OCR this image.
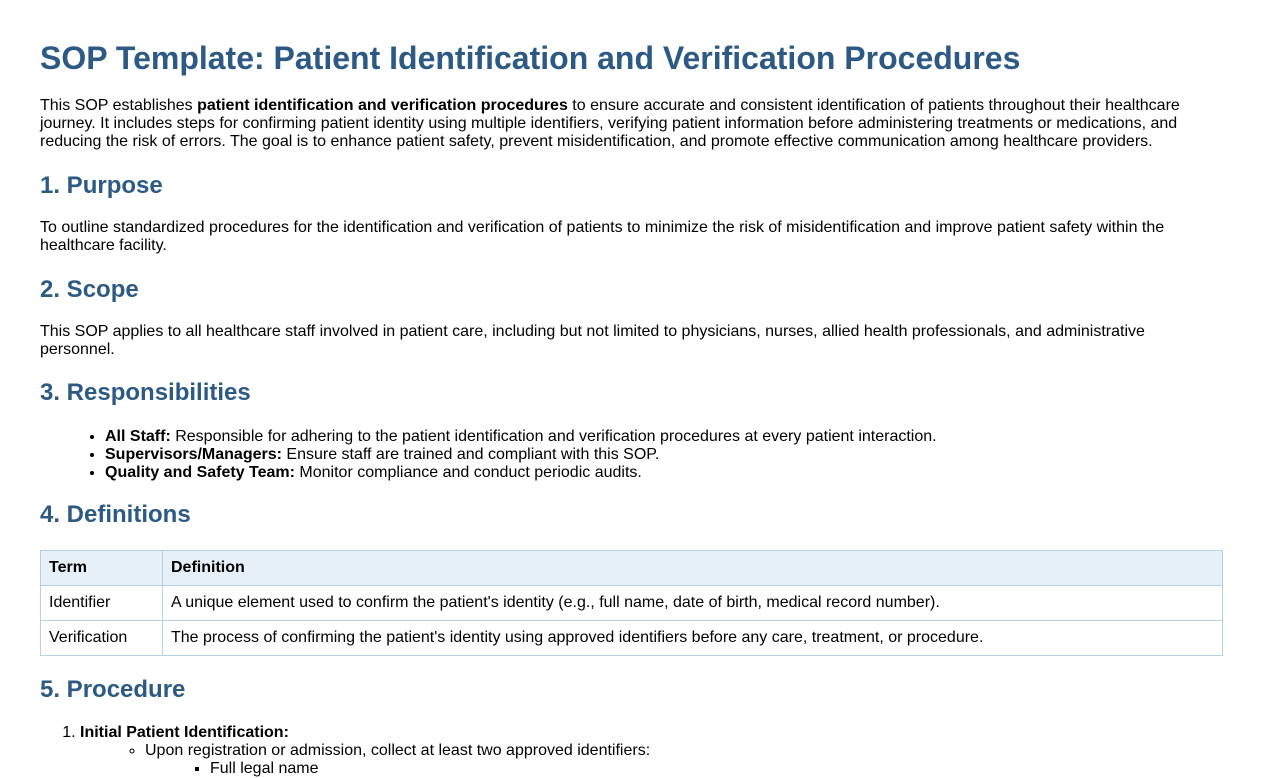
SOP Template: Patient Identification and Verification Procedures

This SOP establishes patient identification and verification procedures to ensure accurate and consistent identification of patients throughout their healthcare journey. It includes steps for confirming patient identity using multiple identifiers, verifying patient information before administering treatments or medications, and reducing the risk of errors. The goal is to enhance patient safety, prevent misidentification, and promote effective communication among healthcare providers.

1. Purpose

To outline standardized procedures for the identification and verification of patients to minimize the risk of misidentification and improve patient safety within the healthcare facility.

2. Scope

This SOP applies to all healthcare staff involved in patient care, including but not limited to physicians, nurses, allied health professionals, and administrative personnel.

3. Responsibilities
• All Staff: Responsible for adhering to the patient identification and verification procedures at every patient interaction.
• Supervisors/Managers: Ensure staff are trained and compliant with this SOP.
• Quality and Safety Team: Monitor compliance and conduct periodic audits.
4. Definitions
Term	Definition
Identifier	A unique element used to confirm the patient's identity (e.g., full name, date of birth, medical record number).
Verification	The process of confirming the patient's identity using approved identifiers before any care, treatment, or procedure.
5. Procedure
1. Initial Patient Identification:
◦ Upon registration or admission, collect at least two approved identifiers:
▪ Full legal name
